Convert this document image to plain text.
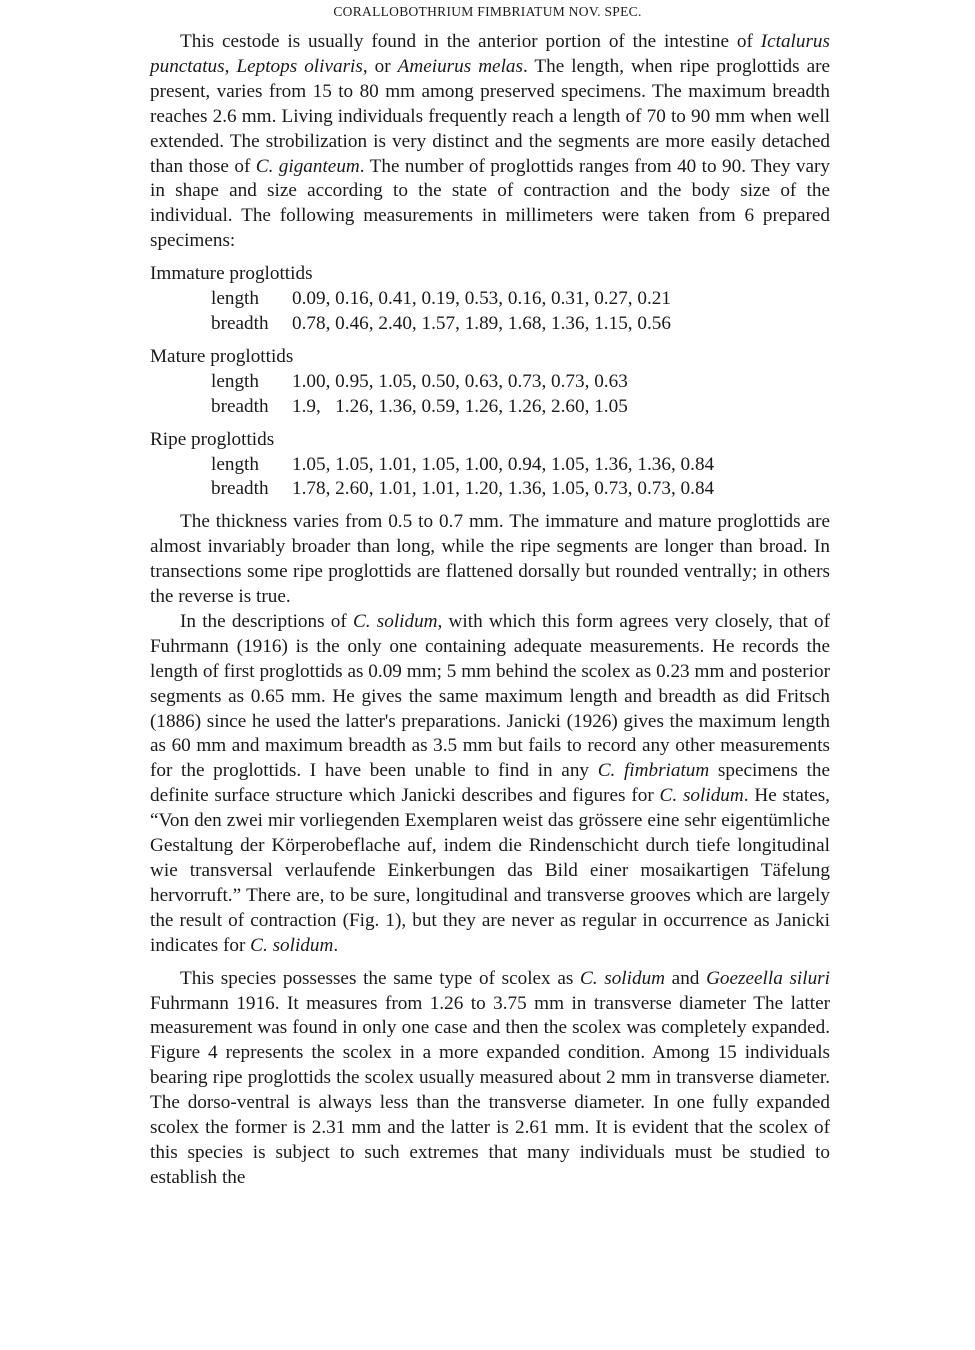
CORALLOBOTHRIUM FIMBRIATUM NOV. SPEC.

This cestode is usually found in the anterior portion of the intestine of Ictalurus punctatus, Leptops olivaris, or Ameiurus melas. The length, when ripe proglottids are present, varies from 15 to 80 mm among preserved specimens. The maximum breadth reaches 2.6 mm. Living individuals frequently reach a length of 70 to 90 mm when well extended. The strobilization is very distinct and the segments are more easily detached than those of C. giganteum. The number of proglottids ranges from 40 to 90. They vary in shape and size according to the state of contraction and the body size of the individual. The following measurements in millimeters were taken from 6 prepared specimens:

Immature proglottids
length 0.09, 0.16, 0.41, 0.19, 0.53, 0.16, 0.31, 0.27, 0.21
breadth 0.78, 0.46, 2.40, 1.57, 1.89, 1.68, 1.36, 1.15, 0.56
Mature proglottids
length 1.00, 0.95, 1.05, 0.50, 0.63, 0.73, 0.73, 0.63
breadth 1.9,   1.26, 1.36, 0.59, 1.26, 1.26, 2.60, 1.05
Ripe proglottids
length 1.05, 1.05, 1.01, 1.05, 1.00, 0.94, 1.05, 1.36, 1.36, 0.84
breadth 1.78, 2.60, 1.01, 1.01, 1.20, 1.36, 1.05, 0.73, 0.73, 0.84

The thickness varies from 0.5 to 0.7 mm. The immature and mature proglottids are almost invariably broader than long, while the ripe segments are longer than broad. In transections some ripe proglottids are flattened dorsally but rounded ventrally; in others the reverse is true.

In the descriptions of C. solidum, with which this form agrees very closely, that of Fuhrmann (1916) is the only one containing adequate measurements. He records the length of first proglottids as 0.09 mm; 5 mm behind the scolex as 0.23 mm and posterior segments as 0.65 mm. He gives the same maximum length and breadth as did Fritsch (1886) since he used the latter's preparations. Janicki (1926) gives the maximum length as 60 mm and maximum breadth as 3.5 mm but fails to record any other measurements for the proglottids. I have been unable to find in any C. fimbriatum specimens the definite surface structure which Janicki describes and figures for C. solidum. He states, “Von den zwei mir vorliegenden Exemplaren weist das grössere eine sehr eigentümliche Gestaltung der Körperobeflache auf, indem die Rindenschicht durch tiefe longitudinal wie transversal verlaufende Einkerbungen das Bild einer mosaikartigen Täfelung hervorruft.” There are, to be sure, longitudinal and transverse grooves which are largely the result of contraction (Fig. 1), but they are never as regular in occurrence as Janicki indicates for C. solidum.

This species possesses the same type of scolex as C. solidum and Goezeella siluri Fuhrmann 1916. It measures from 1.26 to 3.75 mm in transverse diameter The latter measurement was found in only one case and then the scolex was completely expanded. Figure 4 represents the scolex in a more expanded condition. Among 15 individuals bearing ripe proglottids the scolex usually measured about 2 mm in transverse diameter. The dorso-ventral is always less than the transverse diameter. In one fully expanded scolex the former is 2.31 mm and the latter is 2.61 mm. It is evident that the scolex of this species is subject to such extremes that many individuals must be studied to establish the
